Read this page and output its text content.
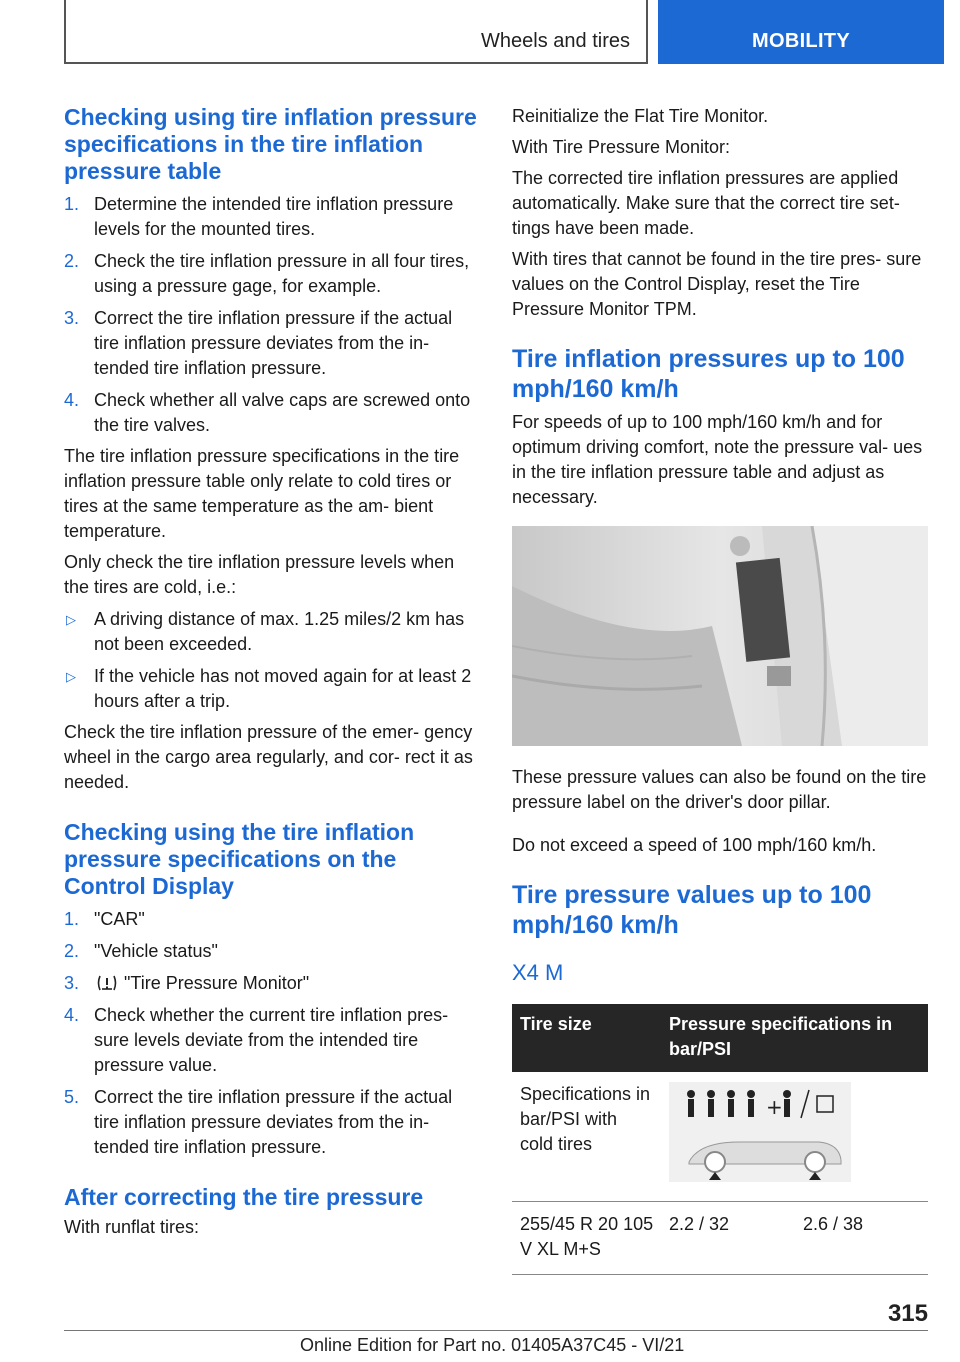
Wheels and tires	MOBILITY
Checking using tire inflation pressure specifications in the tire inflation pressure table
1. Determine the intended tire inflation pressure levels for the mounted tires.
2. Check the tire inflation pressure in all four tires, using a pressure gage, for example.
3. Correct the tire inflation pressure if the actual tire inflation pressure deviates from the in‐ tended tire inflation pressure.
4. Check whether all valve caps are screwed onto the tire valves.

The tire inflation pressure specifications in the tire inflation pressure table only relate to cold tires or tires at the same temperature as the am‐ bient temperature.

Only check the tire inflation pressure levels when the tires are cold, i.e.:

▷ A driving distance of max. 1.25 miles/2 km has not been exceeded.
▷ If the vehicle has not moved again for at least 2 hours after a trip.

Check the tire inflation pressure of the emer‐ gency wheel in the cargo area regularly, and cor‐ rect it as needed.

Checking using the tire inflation pressure specifications on the Control Display
1. "CAR"
2. "Vehicle status"
3. "Tire Pressure Monitor"
4. Check whether the current tire inflation pres‐ sure levels deviate from the intended tire pressure value.
5. Correct the tire inflation pressure if the actual tire inflation pressure deviates from the in‐ tended tire inflation pressure.
After correcting the tire pressure

With runflat tires:

Reinitialize the Flat Tire Monitor.

With Tire Pressure Monitor:

The corrected tire inflation pressures are applied automatically. Make sure that the correct tire set‐ tings have been made.

With tires that cannot be found in the tire pres‐ sure values on the Control Display, reset the Tire Pressure Monitor TPM.

Tire inflation pressures up to 100 mph/160 km/h

For speeds of up to 100 mph/160 km/h and for optimum driving comfort, note the pressure val‐ ues in the tire inflation pressure table and adjust as necessary.

These pressure values can also be found on the tire pressure label on the driver's door pillar.

Do not exceed a speed of 100 mph/160 km/h.

Tire pressure values up to 100 mph/160 km/h
X4 M
Tire size	Pressure specifications in bar/PSI	
Specifications in bar/PSI with cold tires	+	

255/45 R 20 105 V XL M+S	2.2 / 32	2.6 / 38
315
Online Edition for Part no. 01405A37C45 - VI/21
